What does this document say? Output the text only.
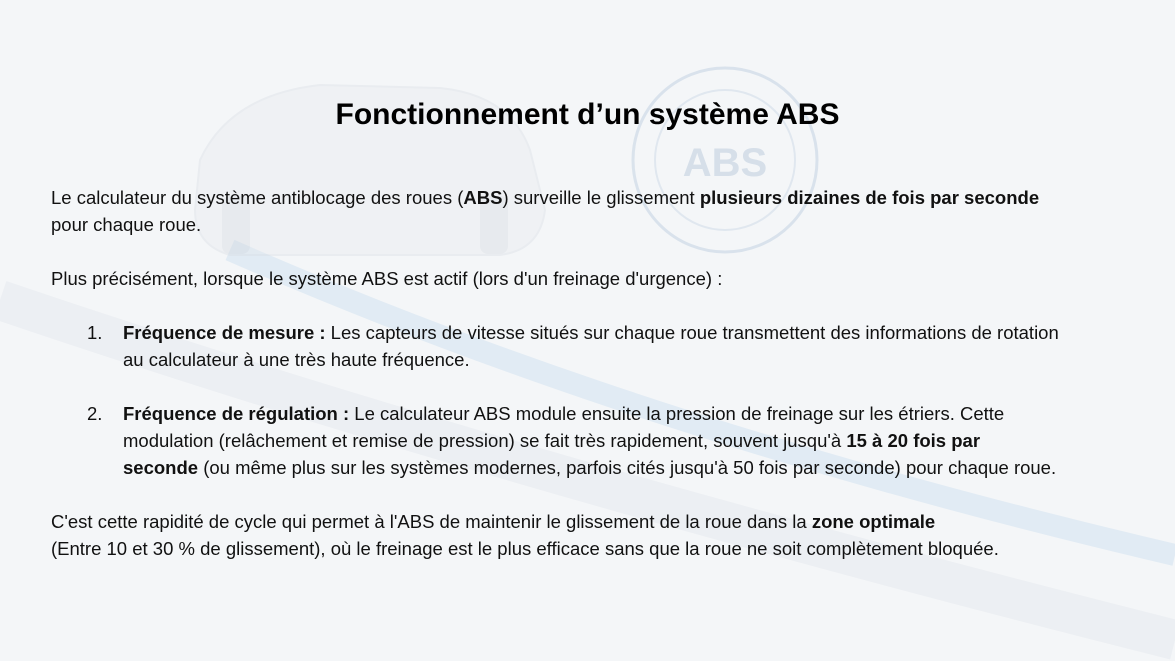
ABS
Fonctionnement d’un système ABS

Le calculateur du système antiblocage des roues (ABS) surveille le glissement plusieurs dizaines de fois par seconde
pour chaque roue.

Plus précisément, lorsque le système ABS est actif (lors d'un freinage d'urgence) :

1. Fréquence de mesure : Les capteurs de vitesse situés sur chaque roue transmettent des informations de rotation
au calculateur à une très haute fréquence.
2. Fréquence de régulation : Le calculateur ABS module ensuite la pression de freinage sur les étriers. Cette
modulation (relâchement et remise de pression) se fait très rapidement, souvent jusqu'à 15 à 20 fois par
seconde (ou même plus sur les systèmes modernes, parfois cités jusqu'à 50 fois par seconde) pour chaque roue.

C'est cette rapidité de cycle qui permet à l'ABS de maintenir le glissement de la roue dans la zone optimale
(Entre 10 et 30 % de glissement), où le freinage est le plus efficace sans que la roue ne soit complètement bloquée.
